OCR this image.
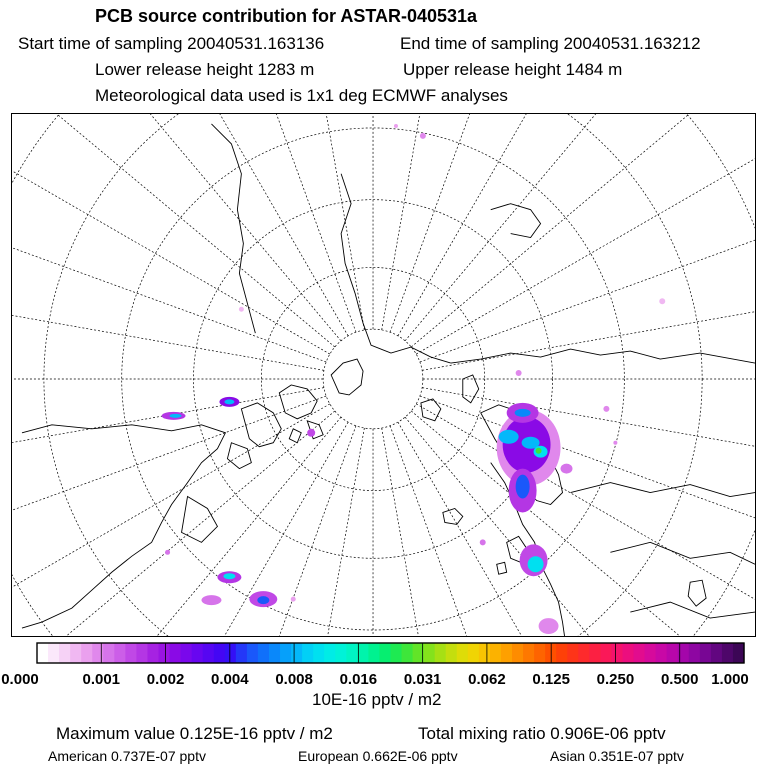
PCB source contribution for ASTAR-040531a
Start time of sampling 20040531.163136	End time of sampling 20040531.163212
Lower release height 1283 m	Upper release height 1484 m
Meteorological data used is 1x1 deg ECMWF analyses
0.000	0.001 0.002 0.004 0.008 0.016 0.031 0.062 0.125 0.250 0.500 1.000
10E-16 pptv / m2
Maximum value 0.125E-16 pptv / m2	Total mixing ratio 0.906E-06 pptv
American 0.737E-07 pptv	European 0.662E-06 pptv	Asian 0.351E-07 pptv
